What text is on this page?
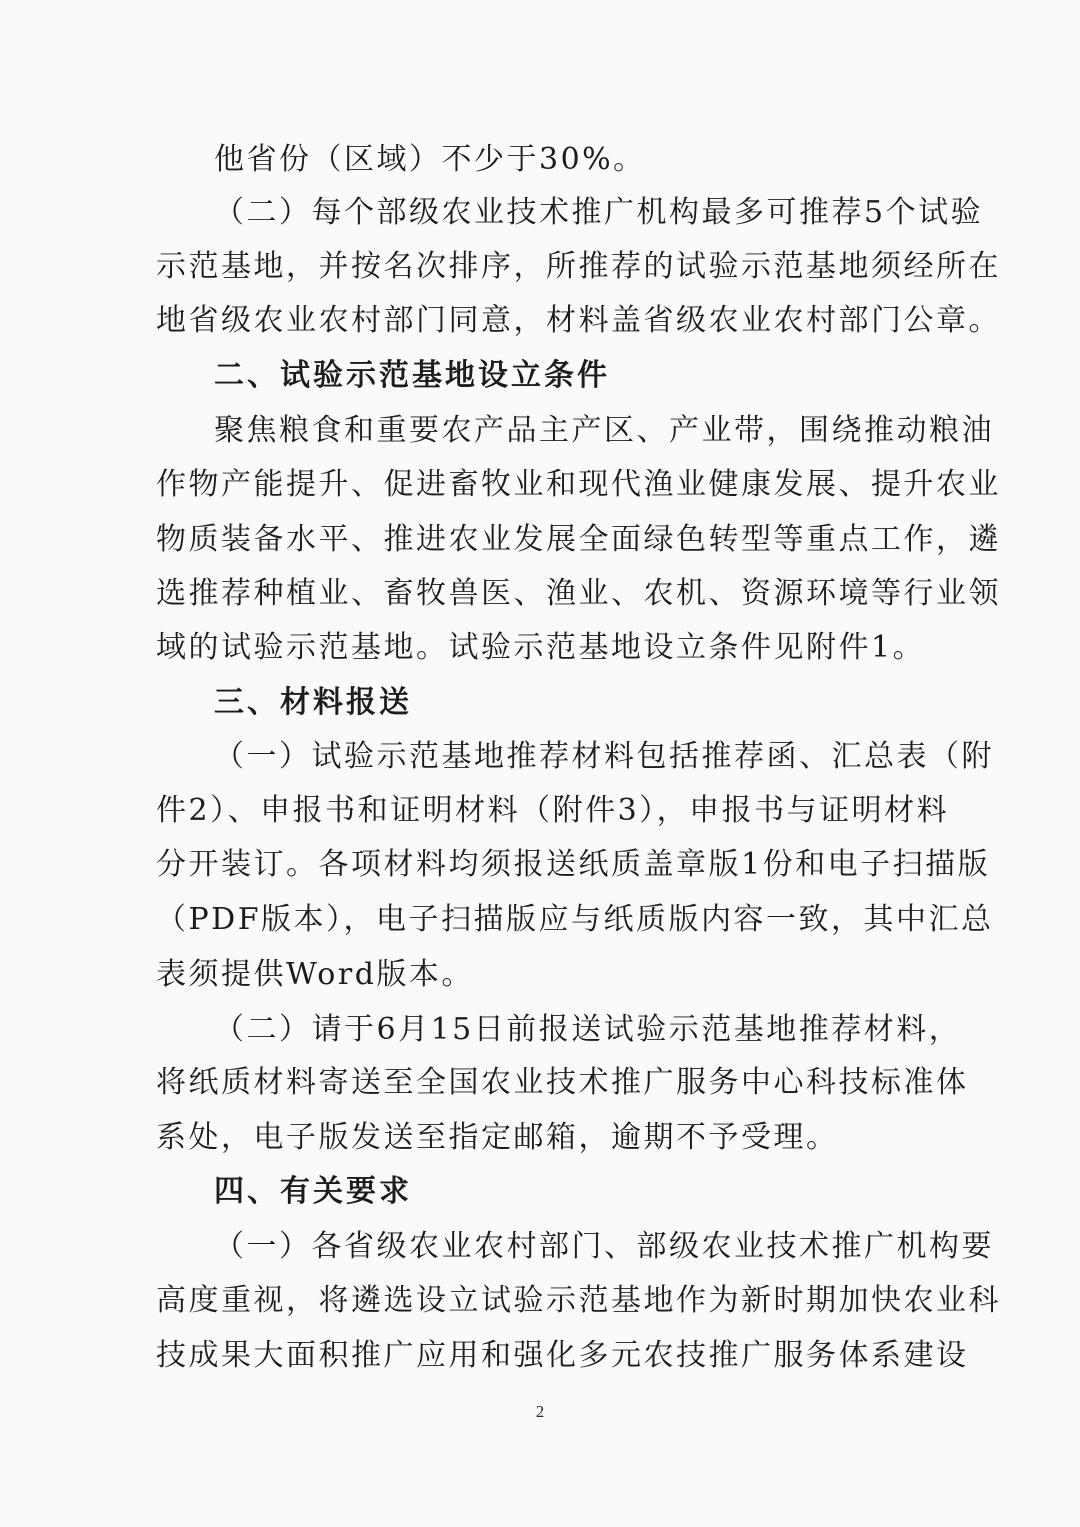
他省份（区域）不少于30%。

（二）每个部级农业技术推广机构最多可推荐5个试验

示范基地，并按名次排序，所推荐的试验示范基地须经所在

地省级农业农村部门同意，材料盖省级农业农村部门公章。

二、试验示范基地设立条件

聚焦粮食和重要农产品主产区、产业带，围绕推动粮油

作物产能提升、促进畜牧业和现代渔业健康发展、提升农业

物质装备水平、推进农业发展全面绿色转型等重点工作，遴

选推荐种植业、畜牧兽医、渔业、农机、资源环境等行业领

域的试验示范基地。试验示范基地设立条件见附件1。

三、材料报送

（一）试验示范基地推荐材料包括推荐函、汇总表（附

件2）、申报书和证明材料（附件3），申报书与证明材料

分开装订。各项材料均须报送纸质盖章版1份和电子扫描版

（PDF版本），电子扫描版应与纸质版内容一致，其中汇总

表须提供Word版本。

（二）请于6月15日前报送试验示范基地推荐材料，

将纸质材料寄送至全国农业技术推广服务中心科技标准体

系处，电子版发送至指定邮箱，逾期不予受理。

四、有关要求

（一）各省级农业农村部门、部级农业技术推广机构要

高度重视，将遴选设立试验示范基地作为新时期加快农业科

技成果大面积推广应用和强化多元农技推广服务体系建设

2
